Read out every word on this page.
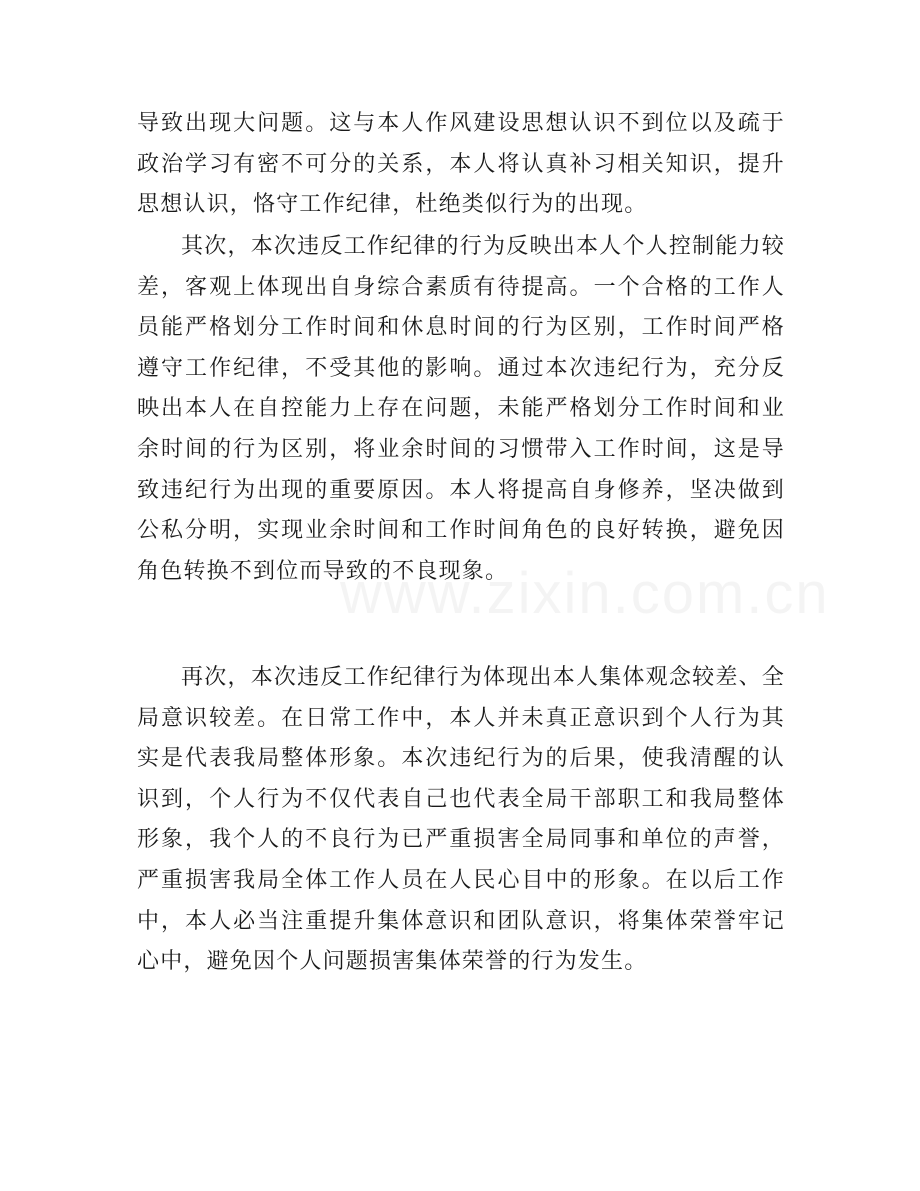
导致出现大问题。这与本人作风建设思想认识不到位以及疏于政治学习有密不可分的关系，本人将认真补习相关知识，提升思想认识，恪守工作纪律，杜绝类似行为的出现。

其次，本次违反工作纪律的行为反映出本人个人控制能力较差，客观上体现出自身综合素质有待提高。一个合格的工作人员能严格划分工作时间和休息时间的行为区别，工作时间严格遵守工作纪律，不受其他的影响。通过本次违纪行为，充分反映出本人在自控能力上存在问题，未能严格划分工作时间和业余时间的行为区别，将业余时间的习惯带入工作时间，这是导致违纪行为出现的重要原因。本人将提高自身修养，坚决做到公私分明，实现业余时间和工作时间角色的良好转换，避免因角色转换不到位而导致的不良现象。

再次，本次违反工作纪律行为体现出本人集体观念较差、全局意识较差。在日常工作中，本人并未真正意识到个人行为其实是代表我局整体形象。本次违纪行为的后果，使我清醒的认识到，个人行为不仅代表自己也代表全局干部职工和我局整体形象，我个人的不良行为已严重损害全局同事和单位的声誉，严重损害我局全体工作人员在人民心目中的形象。在以后工作中，本人必当注重提升集体意识和团队意识，将集体荣誉牢记心中，避免因个人问题损害集体荣誉的行为发生。
